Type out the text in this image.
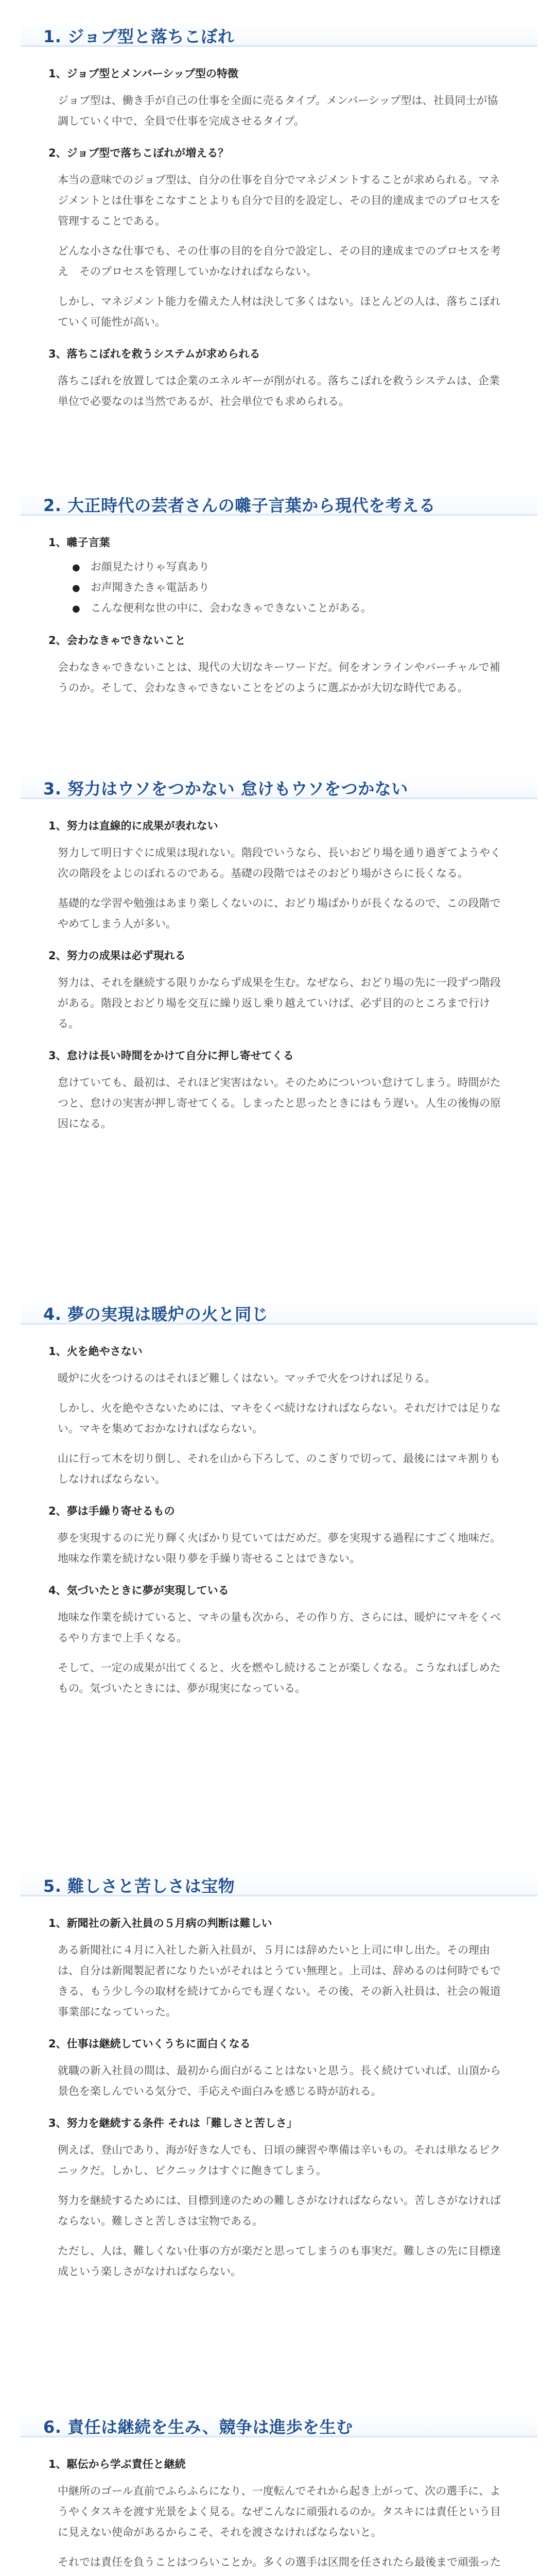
1. ジョブ型と落ちこぼれ
1、ジョブ型とメンバーシップ型の特徴
ジョブ型は、働き手が自己の仕事を全面に売るタイプ。メンバーシップ型は、社員同士が協調していく中で、全員で仕事を完成させるタイプ。
2、ジョブ型で落ちこぼれが増える？
本当の意味でのジョブ型は、自分の仕事を自分でマネジメントすることが求められる。マネジメントとは仕事をこなすことよりも自分で目的を設定し、その目的達成までのプロセスを管理することである。
どんな小さな仕事でも、その仕事の目的を自分で設定し、その目的達成までのプロセスを考え　そのプロセスを管理していかなければならない。
しかし、マネジメント能力を備えた人材は決して多くはない。ほとんどの人は、落ちこぼれていく可能性が高い。
3、落ちこぼれを救うシステムが求められる
落ちこぼれを放置しては企業のエネルギーが削がれる。落ちこぼれを救うシステムは、企業単位で必要なのは当然であるが、社会単位でも求められる。
2. 大正時代の芸者さんの囃子言葉から現代を考える
1、囃子言葉
● お顔見たけりゃ写真あり
● お声聞きたきゃ電話あり
● こんな便利な世の中に、会わなきゃできないことがある。
2、会わなきゃできないこと
会わなきゃできないことは、現代の大切なキーワードだ。何をオンラインやバーチャルで補うのか。そして、会わなきゃできないことをどのように選ぶかが大切な時代である。
3. 努力はウソをつかない 怠けもウソをつかない
1、努力は直線的に成果が表れない
努力して明日すぐに成果は現れない。階段でいうなら、長いおどり場を通り過ぎてようやく次の階段をよじのぼれるのである。基礎の段階ではそのおどり場がさらに長くなる。
基礎的な学習や勉強はあまり楽しくないのに、おどり場ばかりが長くなるので、この段階でやめてしまう人が多い。
2、努力の成果は必ず現れる
努力は、それを継続する限りかならず成果を生む。なぜなら、おどり場の先に一段ずつ階段がある。階段とおどり場を交互に繰り返し乗り越えていけば、必ず目的のところまで行ける。
3、怠けは長い時間をかけて自分に押し寄せてくる
怠けていても、最初は、それほど実害はない。そのためについつい怠けてしまう。時間がたつと、怠けの実害が押し寄せてくる。しまったと思ったときにはもう遅い。人生の後悔の原因になる。
4. 夢の実現は暖炉の火と同じ
1、火を絶やさない
暖炉に火をつけるのはそれほど難しくはない。マッチで火をつければ足りる。
しかし、火を絶やさないためには、マキをくべ続けなければならない。それだけでは足りない。マキを集めておかなければならない。
山に行って木を切り倒し、それを山から下ろして、のこぎりで切って、最後にはマキ割りもしなければならない。
2、夢は手繰り寄せるもの
夢を実現するのに光り輝く火ばかり見ていてはだめだ。夢を実現する過程にすごく地味だ。地味な作業を続けない限り夢を手繰り寄せることはできない。
4、気づいたときに夢が実現している
地味な作業を続けていると、マキの量も次から、その作り方、さらには、暖炉にマキをくべるやり方まで上手くなる。
そして、一定の成果が出てくると、火を燃やし続けることが楽しくなる。こうなればしめたもの。気づいたときには、夢が現実になっている。
5. 難しさと苦しさは宝物
1、新聞社の新入社員の５月病の判断は難しい
ある新聞社に４月に入社した新入社員が、５月には辞めたいと上司に申し出た。その理由は、自分は新聞製記者になりたいがそれはとうてい無理と。上司は、辞めるのは何時でもできる、もう少し今の取材を続けてからでも遅くない。その後、その新入社員は、社会の報道事業部になっていった。
2、仕事は継続していくうちに面白くなる
就職の新入社員の間は、最初から面白がることはないと思う。長く続けていれば、山頂から景色を楽しんでいる気分で、手応えや面白みを感じる時が訪れる。
3、努力を継続する条件 それは「難しさと苦しさ」
例えば、登山であり、海が好きな人でも、日頃の練習や準備は辛いもの。それは単なるピクニックだ。しかし、ピクニックはすぐに飽きてしまう。
努力を継続するためには、目標到達のための難しさがなければならない。苦しさがなければならない。難しさと苦しさは宝物である。
ただし、人は、難しくない仕事の方が楽だと思ってしまうのも事実だ。難しさの先に目標達成という楽しさがなければならない。
6. 責任は継続を生み、競争は進歩を生む
1、駆伝から学ぶ責任と継続
中継所のゴール直前でふらふらになり、一度転んでそれから起き上がって、次の選手に、ようやくタスキを渡す光景をよく見る。なぜこんなに頑張れるのか。タスキには責任という目に見えない使命があるからこそ、それを渡さなければならないと。
それでは責任を負うことはつらいことか。多くの選手は区間を任されたら最後まで頑張った
